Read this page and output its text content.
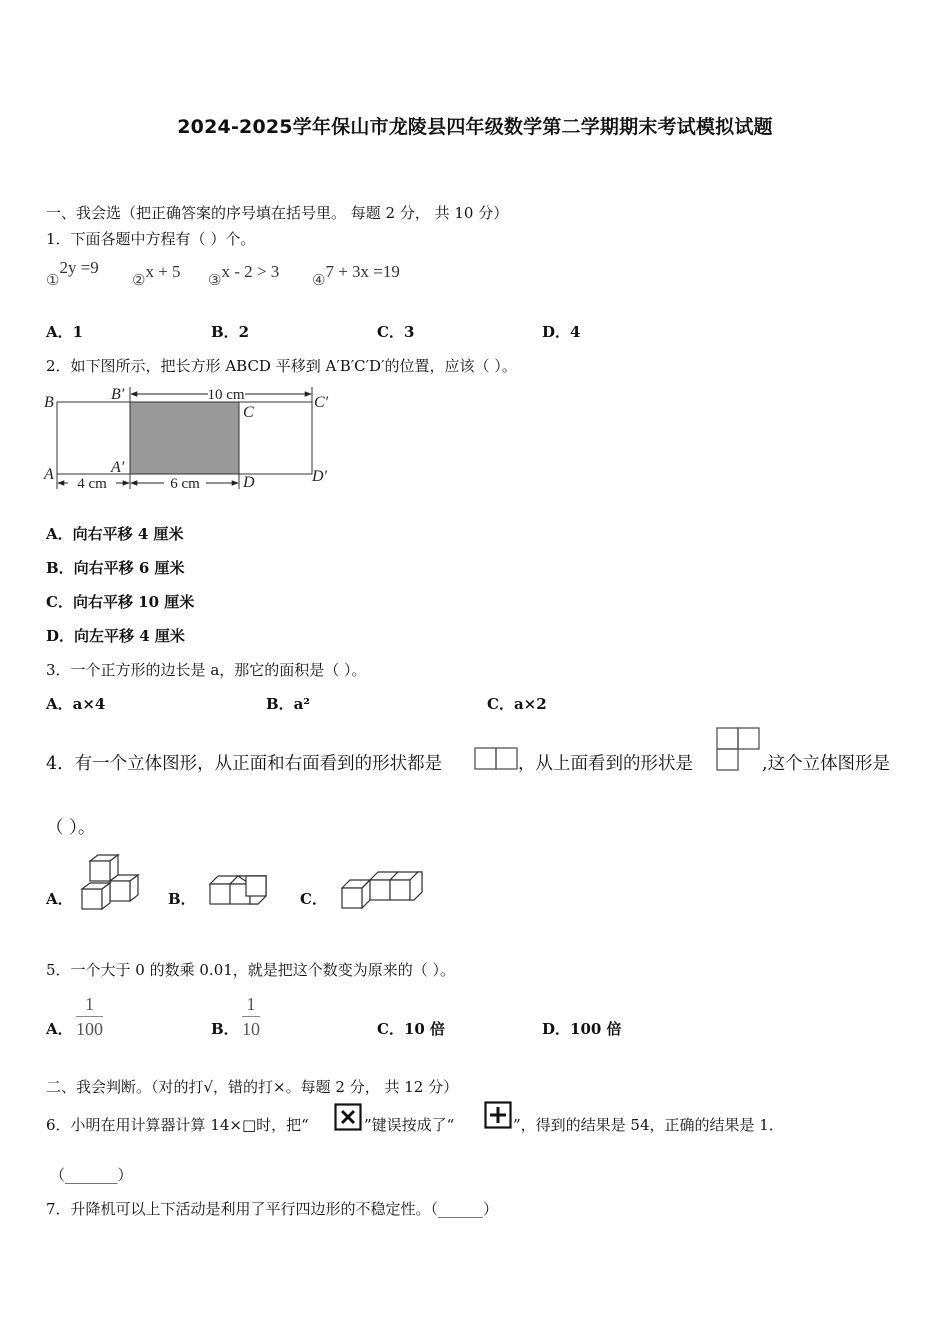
2024-2025学年保山市龙陵县四年级数学第二学期期末考试模拟试题
一、我会选（把正确答案的序号填在括号里。 每题 2 分， 共 10 分）
1．下面各题中方程有（ ）个。
①2y =9
②x + 5 ③x - 2 > 3 ④7 + 3x =19
A．1	B．2	C．3	D．4
2．如下图所示，把长方形 ABCD 平移到 A′B′C′D′的位置，应该（ ）。
B	B′
C
C′
A	A′
D	D′
10 cm
4 cm	6 cm
A．向右平移 4 厘米
B．向右平移 6 厘米
C．向右平移 10 厘米
D．向左平移 4 厘米
3．一个正方形的边长是 a，那它的面积是（ ）。
A．a×4	B．a²	C．a×2
4．有一个立体图形，从正面和右面看到的形状都是	，从上面看到的形状是	,这个立体图形是
（ ）。
A．	B．	C．
5．一个大于 0 的数乘 0.01，就是把这个数变为原来的（ ）。
A． $\frac{1}{100}$	B． $\frac{1}{10}$	C．10 倍	D．100 倍
二、我会判断。（对的打√，错的打×。每题 2 分， 共 12 分）
6．小明在用计算器计算 14×□时，把“	”键误按成了“	”，得到的结果是 54，正确的结果是 1．
（_______）
7．升降机可以上下活动是利用了平行四边形的不稳定性。（______）
